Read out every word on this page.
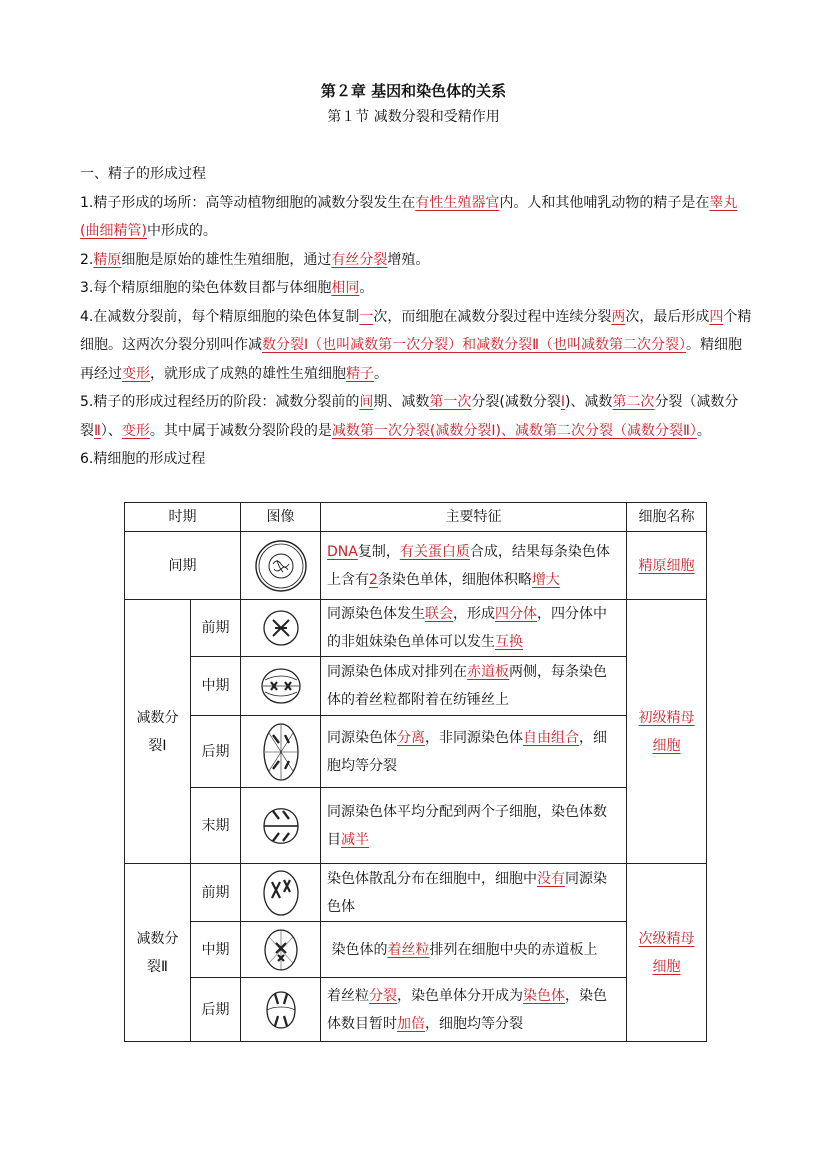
第２章 基因和染色体的关系
第１节 减数分裂和受精作用

一、精子的形成过程

1.精子形成的场所：高等动植物细胞的减数分裂发生在有性生殖器官内。人和其他哺乳动物的精子是在睾丸(曲细精管)中形成的。

2.精原细胞是原始的雄性生殖细胞，通过有丝分裂增殖。

3.每个精原细胞的染色体数目都与体细胞相同。

4.在减数分裂前，每个精原细胞的染色体复制一次，而细胞在减数分裂过程中连续分裂两次，最后形成四个精细胞。这两次分裂分别叫作减数分裂Ⅰ（也叫减数第一次分裂）和减数分裂Ⅱ（也叫减数第二次分裂）。精细胞再经过变形，就形成了成熟的雄性生殖细胞精子。

5.精子的形成过程经历的阶段：减数分裂前的间期、减数第一次分裂(减数分裂Ⅰ)、减数第二次分裂（减数分裂Ⅱ）、变形。其中属于减数分裂阶段的是减数第一次分裂(减数分裂Ⅰ)、减数第二次分裂（减数分裂Ⅱ）。

6.精细胞的形成过程

时期		图像	主要特征	细胞名称
间期			DNA复制，有关蛋白质合成，结果每条染色体上含有2条染色单体，细胞体积略增大	精原细胞
减数分裂Ⅰ	前期		同源染色体发生联会，形成四分体，四分体中的非姐妹染色单体可以发生互换	初级精母细胞
	中期		同源染色体成对排列在赤道板两侧，每条染色体的着丝粒都附着在纺锤丝上	
	后期		同源染色体分离，非同源染色体自由组合，细胞均等分裂	
	末期		同源染色体平均分配到两个子细胞，染色体数目减半	
减数分裂Ⅱ	前期		染色体散乱分布在细胞中，细胞中没有同源染色体	次级精母细胞
	中期		染色体的着丝粒排列在细胞中央的赤道板上	
	后期		着丝粒分裂，染色单体分开成为染色体，染色体数目暂时加倍，细胞均等分裂	
